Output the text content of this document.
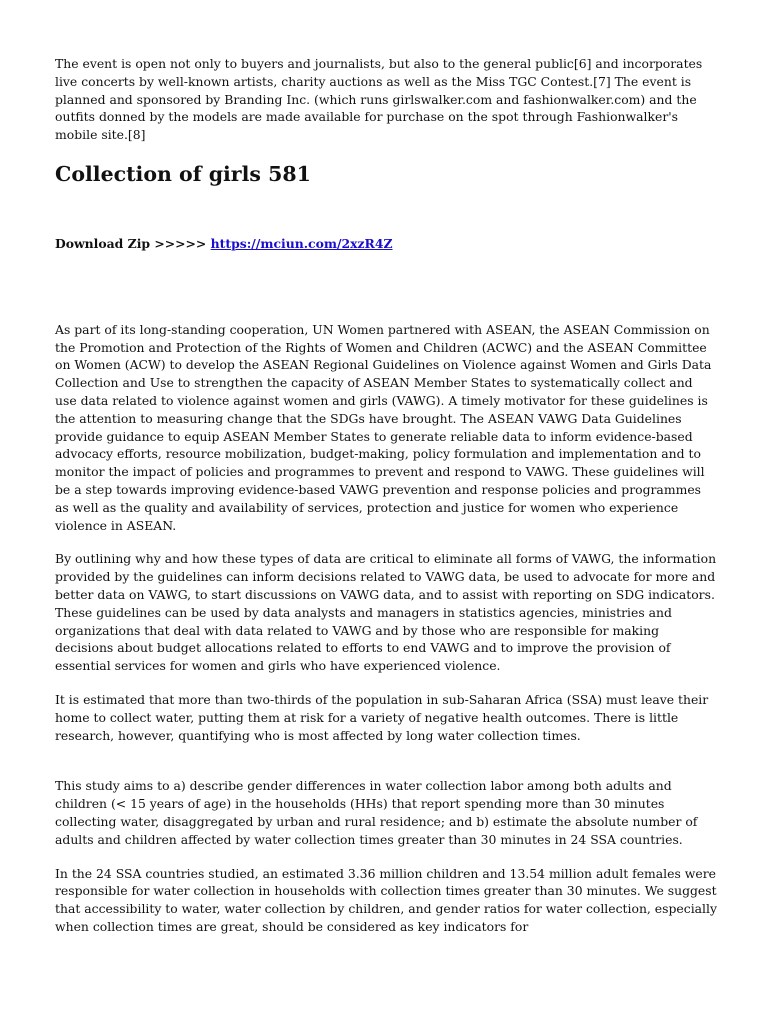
The event is open not only to buyers and journalists, but also to the general public[6] and incorporates live concerts by well-known artists, charity auctions as well as the Miss TGC Contest.[7] The event is planned and sponsored by Branding Inc. (which runs girlswalker.com and fashionwalker.com) and the outfits donned by the models are made available for purchase on the spot through Fashionwalker's mobile site.[8]

Collection of girls 581
Download Zip >>>>> https://mciun.com/2xzR4Z

As part of its long-standing cooperation, UN Women partnered with ASEAN, the ASEAN Commission on the Promotion and Protection of the Rights of Women and Children (ACWC) and the ASEAN Committee on Women (ACW) to develop the ASEAN Regional Guidelines on Violence against Women and Girls Data Collection and Use to strengthen the capacity of ASEAN Member States to systematically collect and use data related to violence against women and girls (VAWG). A timely motivator for these guidelines is the attention to measuring change that the SDGs have brought. The ASEAN VAWG Data Guidelines provide guidance to equip ASEAN Member States to generate reliable data to inform evidence-based advocacy efforts, resource mobilization, budget-making, policy formulation and implementation and to monitor the impact of policies and programmes to prevent and respond to VAWG. These guidelines will be a step towards improving evidence-based VAWG prevention and response policies and programmes as well as the quality and availability of services, protection and justice for women who experience violence in ASEAN.

By outlining why and how these types of data are critical to eliminate all forms of VAWG, the information provided by the guidelines can inform decisions related to VAWG data, be used to advocate for more and better data on VAWG, to start discussions on VAWG data, and to assist with reporting on SDG indicators. These guidelines can be used by data analysts and managers in statistics agencies, ministries and organizations that deal with data related to VAWG and by those who are responsible for making decisions about budget allocations related to efforts to end VAWG and to improve the provision of essential services for women and girls who have experienced violence.

It is estimated that more than two-thirds of the population in sub-Saharan Africa (SSA) must leave their home to collect water, putting them at risk for a variety of negative health outcomes. There is little research, however, quantifying who is most affected by long water collection times.

This study aims to a) describe gender differences in water collection labor among both adults and children (< 15 years of age) in the households (HHs) that report spending more than 30 minutes collecting water, disaggregated by urban and rural residence; and b) estimate the absolute number of adults and children affected by water collection times greater than 30 minutes in 24 SSA countries.

In the 24 SSA countries studied, an estimated 3.36 million children and 13.54 million adult females were responsible for water collection in households with collection times greater than 30 minutes. We suggest that accessibility to water, water collection by children, and gender ratios for water collection, especially when collection times are great, should be considered as key indicators for
